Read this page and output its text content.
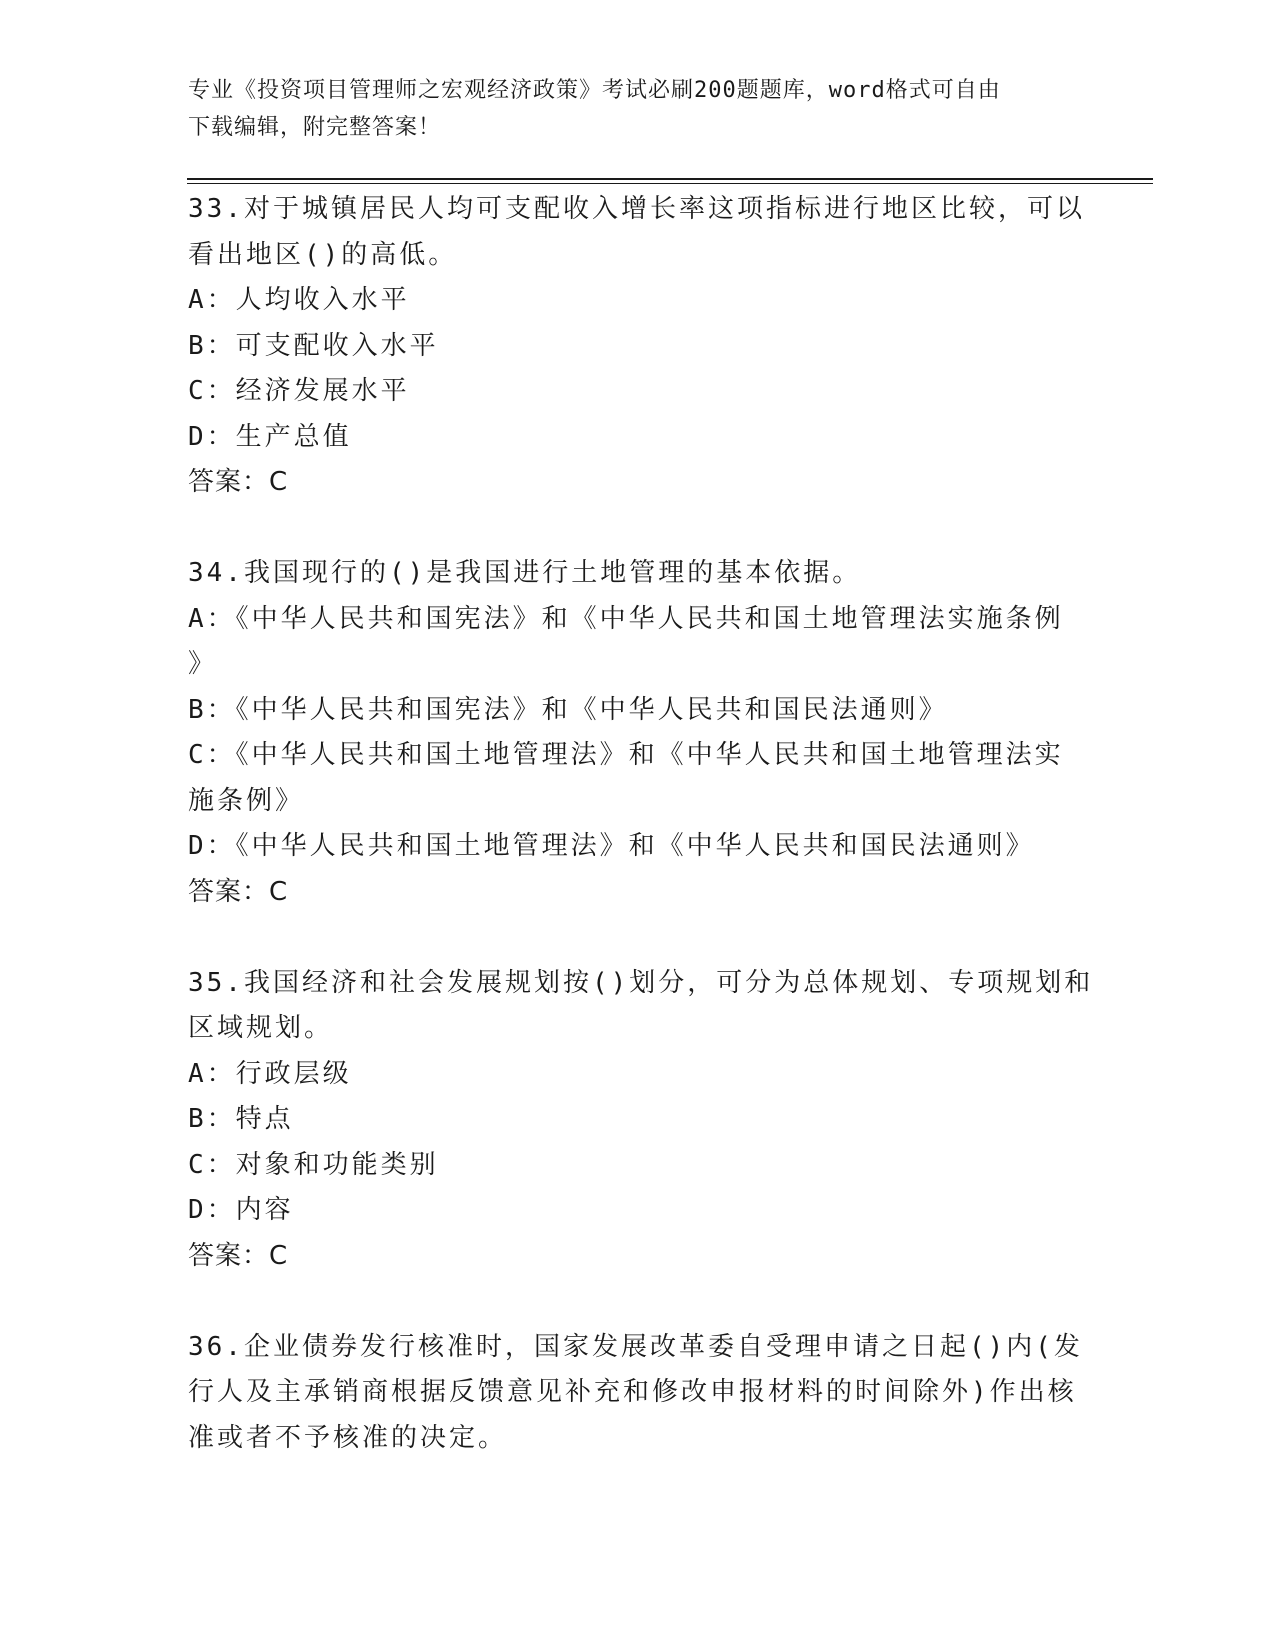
专业《投资项目管理师之宏观经济政策》考试必刷200题题库，word格式可自由
下载编辑，附完整答案！
33.对于城镇居民人均可支配收入增长率这项指标进行地区比较，可以
看出地区()的高低。
A：人均收入水平
B：可支配收入水平
C：经济发展水平
D：生产总值
答案：C
34.我国现行的()是我国进行土地管理的基本依据。
A：《中华人民共和国宪法》和《中华人民共和国土地管理法实施条例
》
B：《中华人民共和国宪法》和《中华人民共和国民法通则》
C：《中华人民共和国土地管理法》和《中华人民共和国土地管理法实
施条例》
D：《中华人民共和国土地管理法》和《中华人民共和国民法通则》
答案：C
35.我国经济和社会发展规划按()划分，可分为总体规划、专项规划和
区域规划。
A：行政层级
B：特点
C：对象和功能类别
D：内容
答案：C
36.企业债券发行核准时，国家发展改革委自受理申请之日起()内(发
行人及主承销商根据反馈意见补充和修改申报材料的时间除外)作出核
准或者不予核准的决定。
